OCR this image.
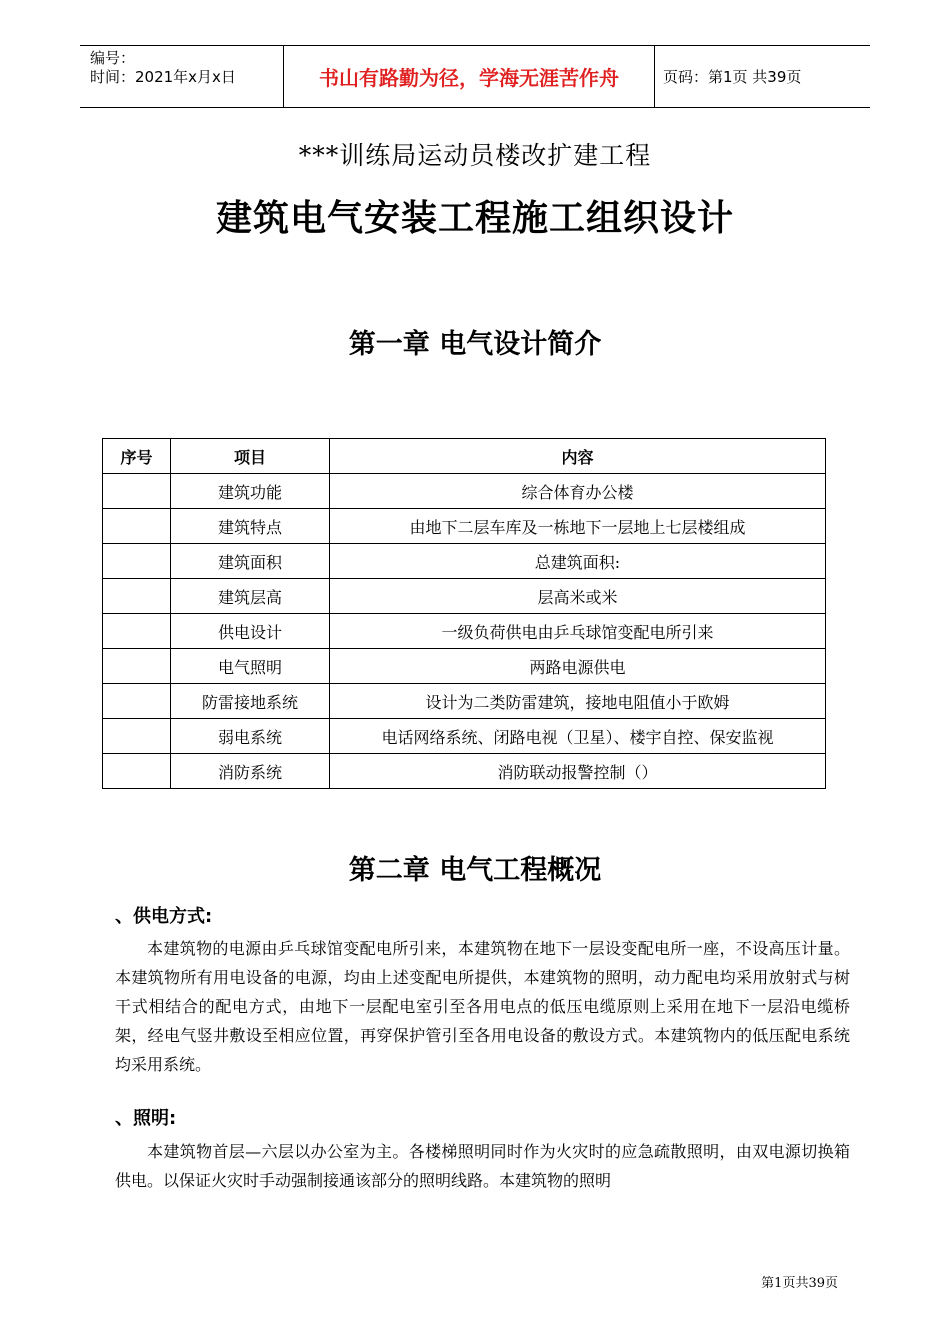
编号：
时间：2021年x月x日	书山有路勤为径，学海无涯苦作舟	页码：第1页 共39页
***训练局运动员楼改扩建工程
建筑电气安装工程施工组织设计
第一章 电气设计简介
序号	项目	内容
	建筑功能	综合体育办公楼
	建筑特点	由地下二层车库及一栋地下一层地上七层楼组成
	建筑面积	总建筑面积:
	建筑层高	层高米或米
	供电设计	一级负荷供电由乒乓球馆变配电所引来
	电气照明	两路电源供电
	防雷接地系统	设计为二类防雷建筑，接地电阻值小于欧姆
	弱电系统	电话网络系统、闭路电视（卫星）、楼宇自控、保安监视
	消防系统	消防联动报警控制（）
第二章 电气工程概况
、供电方式:

本建筑物的电源由乒乓球馆变配电所引来，本建筑物在地下一层设变配电所一座，不设高压计量。本建筑物所有用电设备的电源，均由上述变配电所提供，本建筑物的照明，动力配电均采用放射式与树干式相结合的配电方式，由地下一层配电室引至各用电点的低压电缆原则上采用在地下一层沿电缆桥架，经电气竖井敷设至相应位置，再穿保护管引至各用电设备的敷设方式。本建筑物内的低压配电系统均采用系统。

、照明:

本建筑物首层—六层以办公室为主。各楼梯照明同时作为火灾时的应急疏散照明，由双电源切换箱供电。以保证火灾时手动强制接通该部分的照明线路。本建筑物的照明

第1页共39页
